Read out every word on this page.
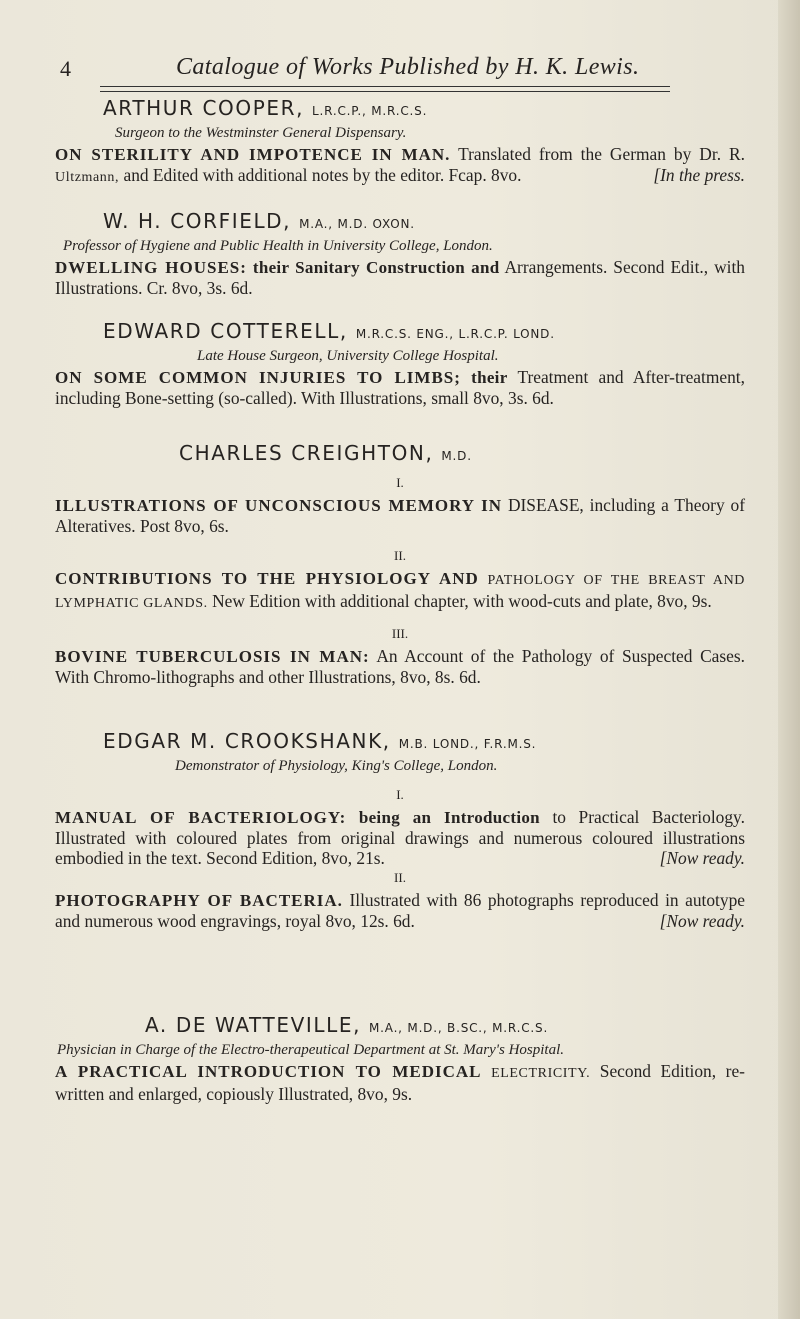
4	Catalogue of Works Published by H. K. Lewis.
ARTHUR COOPER, L.R.C.P., M.R.C.S.
Surgeon to the Westminster General Dispensary.
ON STERILITY AND IMPOTENCE IN MAN. Translated from the German by Dr. R. Ultzmann, and Edited with additional notes by the editor. Fcap. 8vo.	[In the press.
W. H. CORFIELD, M.A., M.D. OXON.
Professor of Hygiene and Public Health in University College, London.
DWELLING HOUSES: their Sanitary Construction and Arrangements. Second Edit., with Illustrations. Cr. 8vo, 3s. 6d.
EDWARD COTTERELL, M.R.C.S. ENG., L.R.C.P. LOND.
Late House Surgeon, University College Hospital.
ON SOME COMMON INJURIES TO LIMBS; their Treatment and After-treatment, including Bone-setting (so-called). With Illustrations, small 8vo, 3s. 6d.
CHARLES CREIGHTON, M.D.
I.
ILLUSTRATIONS OF UNCONSCIOUS MEMORY IN DISEASE, including a Theory of Alteratives. Post 8vo, 6s.
II.
CONTRIBUTIONS TO THE PHYSIOLOGY AND PATHOLOGY OF THE BREAST AND LYMPHATIC GLANDS. New Edition with additional chapter, with wood-cuts and plate, 8vo, 9s.
III.
BOVINE TUBERCULOSIS IN MAN: An Account of the Pathology of Suspected Cases. With Chromo-lithographs and other Illustrations, 8vo, 8s. 6d.
EDGAR M. CROOKSHANK, M.B. LOND., F.R.M.S.
Demonstrator of Physiology, King's College, London.
I.
MANUAL OF BACTERIOLOGY: being an Introduction to Practical Bacteriology. Illustrated with coloured plates from original drawings and numerous coloured illustrations embodied in the text. Second Edition, 8vo, 21s.	[Now ready.
II.
PHOTOGRAPHY OF BACTERIA. Illustrated with 86 photographs reproduced in autotype and numerous wood engravings, royal 8vo, 12s. 6d.	[Now ready.
A. DE WATTEVILLE, M.A., M.D., B.SC., M.R.C.S.
Physician in Charge of the Electro-therapeutical Department at St. Mary's Hospital.
A PRACTICAL INTRODUCTION TO MEDICAL ELECTRICITY. Second Edition, re-written and enlarged, copiously Illustrated, 8vo, 9s.
